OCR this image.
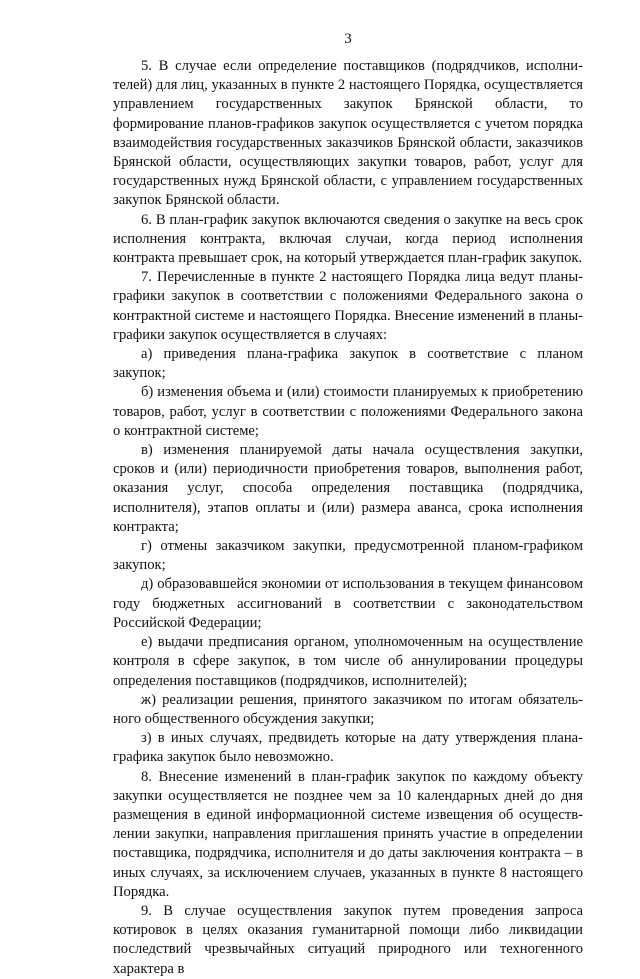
3

5. В случае если определение поставщиков (подрядчиков, исполнителей) для лиц, указанных в пункте 2 настоящего Порядка, осуществляется управлением государственных закупок Брянской области, то формирование планов-графиков закупок осуществляется с учетом порядка взаимодействия государственных заказчиков Брянской области, заказчиков Брянской области, осуществляющих закупки товаров, работ, услуг для государственных нужд Брянской области, с управлением государственных закупок Брянской области.

6. В план-график закупок включаются сведения о закупке на весь срок исполнения контракта, включая случаи, когда период исполнения контракта превышает срок, на который утверждается план-график закупок.

7. Перечисленные в пункте 2 настоящего Порядка лица ведут планы-графики закупок в соответствии с положениями Федерального закона о контрактной системе и настоящего Порядка. Внесение изменений в планы-графики закупок осуществляется в случаях:

а) приведения плана-графика закупок в соответствие с планом закупок;

б) изменения объема и (или) стоимости планируемых к приобретению товаров, работ, услуг в соответствии с положениями Федерального закона о контрактной системе;

в) изменения планируемой даты начала осуществления закупки, сроков и (или) периодичности приобретения товаров, выполнения работ, оказания услуг, способа определения поставщика (подрядчика, исполнителя), этапов оплаты и (или) размера аванса, срока исполнения контракта;

г) отмены заказчиком закупки, предусмотренной планом-графиком закупок;

д) образовавшейся экономии от использования в текущем финансовом году бюджетных ассигнований в соответствии с законодательством Российской Федерации;

е) выдачи предписания органом, уполномоченным на осуществление контроля в сфере закупок, в том числе об аннулировании процедуры определения поставщиков (подрядчиков, исполнителей);

ж) реализации решения, принятого заказчиком по итогам обязательного общественного обсуждения закупки;

з) в иных случаях, предвидеть которые на дату утверждения плана-графика закупок было невозможно.

8. Внесение изменений в план-график закупок по каждому объекту закупки осуществляется не позднее чем за 10 календарных дней до дня размещения в единой информационной системе извещения об осуществлении закупки, направления приглашения принять участие в определении поставщика, подрядчика, исполнителя и до даты заключения контракта – в иных случаях, за исключением случаев, указанных в пункте 8 настоящего Порядка.

9. В случае осуществления закупок путем проведения запроса котировок в целях оказания гуманитарной помощи либо ликвидации последствий чрезвычайных ситуаций природного или техногенного характера в
